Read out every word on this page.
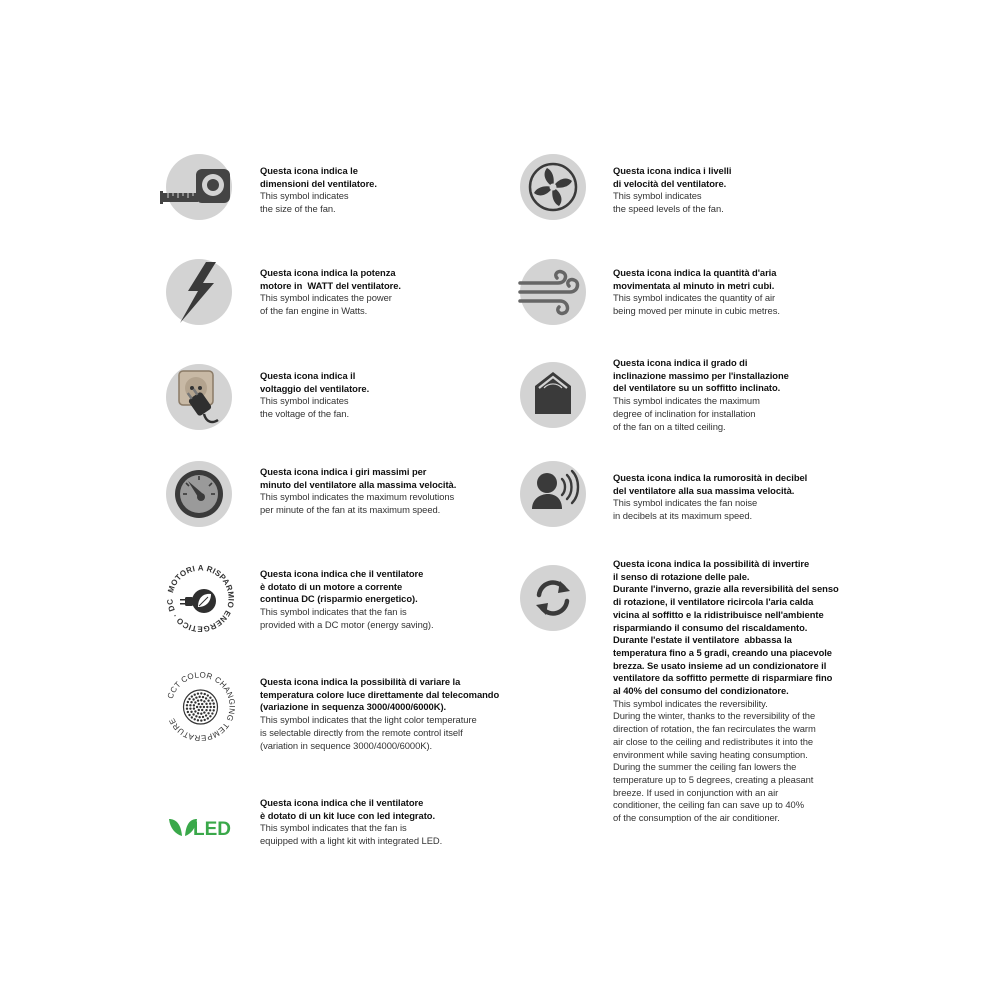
Questa icona indica le
dimensioni del ventilatore.
This symbol indicates
the size of the fan.
Questa icona indica la potenza
motore in  WATT del ventilatore.
This symbol indicates the power
of the fan engine in Watts.
Questa icona indica il
voltaggio del ventilatore.
This symbol indicates
the voltage of the fan.
Questa icona indica i giri massimi per
minuto del ventilatore alla massima velocità.
This symbol indicates the maximum revolutions
per minute of the fan at its maximum speed.
MOTORI A RISPARMIO ENERGETICO · DC
Questa icona indica che il ventilatore
è dotato di un motore a corrente
continua DC (risparmio energetico).
This symbol indicates that the fan is
provided with a DC motor (energy saving).
CCT COLOR CHANGING TEMPERATURE
Questa icona indica la possibilità di variare la
temperatura colore luce direttamente dal telecomando
(variazione in sequenza 3000/4000/6000K).
This symbol indicates that the light color temperature
is selectable directly from the remote control itself
(variation in sequence 3000/4000/6000K).
LED
Questa icona indica che il ventilatore
è dotato di un kit luce con led integrato.
This symbol indicates that the fan is
equipped with a light kit with integrated LED.
Questa icona indica i livelli
di velocità del ventilatore.
This symbol indicates
the speed levels of the fan.
Questa icona indica la quantità d'aria
movimentata al minuto in metri cubi.
This symbol indicates the quantity of air
being moved per minute in cubic metres.
Questa icona indica il grado di
inclinazione massimo per l'installazione
del ventilatore su un soffitto inclinato.
This symbol indicates the maximum
degree of inclination for installation
of the fan on a tilted ceiling.
Questa icona indica la rumorosità in decibel
del ventilatore alla sua massima velocità.
This symbol indicates the fan noise
in decibels at its maximum speed.
Questa icona indica la possibilità di invertire
il senso di rotazione delle pale.
Durante l'inverno, grazie alla reversibilità del senso
di rotazione, il ventilatore ricircola l'aria calda
vicina al soffitto e la ridistribuisce nell'ambiente
risparmiando il consumo del riscaldamento.
Durante l'estate il ventilatore  abbassa la
temperatura fino a 5 gradi, creando una piacevole
brezza. Se usato insieme ad un condizionatore il
ventilatore da soffitto permette di risparmiare fino
al 40% del consumo del condizionatore.
This symbol indicates the reversibility.
During the winter, thanks to the reversibility of the
direction of rotation, the fan recirculates the warm
air close to the ceiling and redistributes it into the
environment while saving heating consumption.
During the summer the ceiling fan lowers the
temperature up to 5 degrees, creating a pleasant
breeze. If used in conjunction with an air
conditioner, the ceiling fan can save up to 40%
of the consumption of the air conditioner.
